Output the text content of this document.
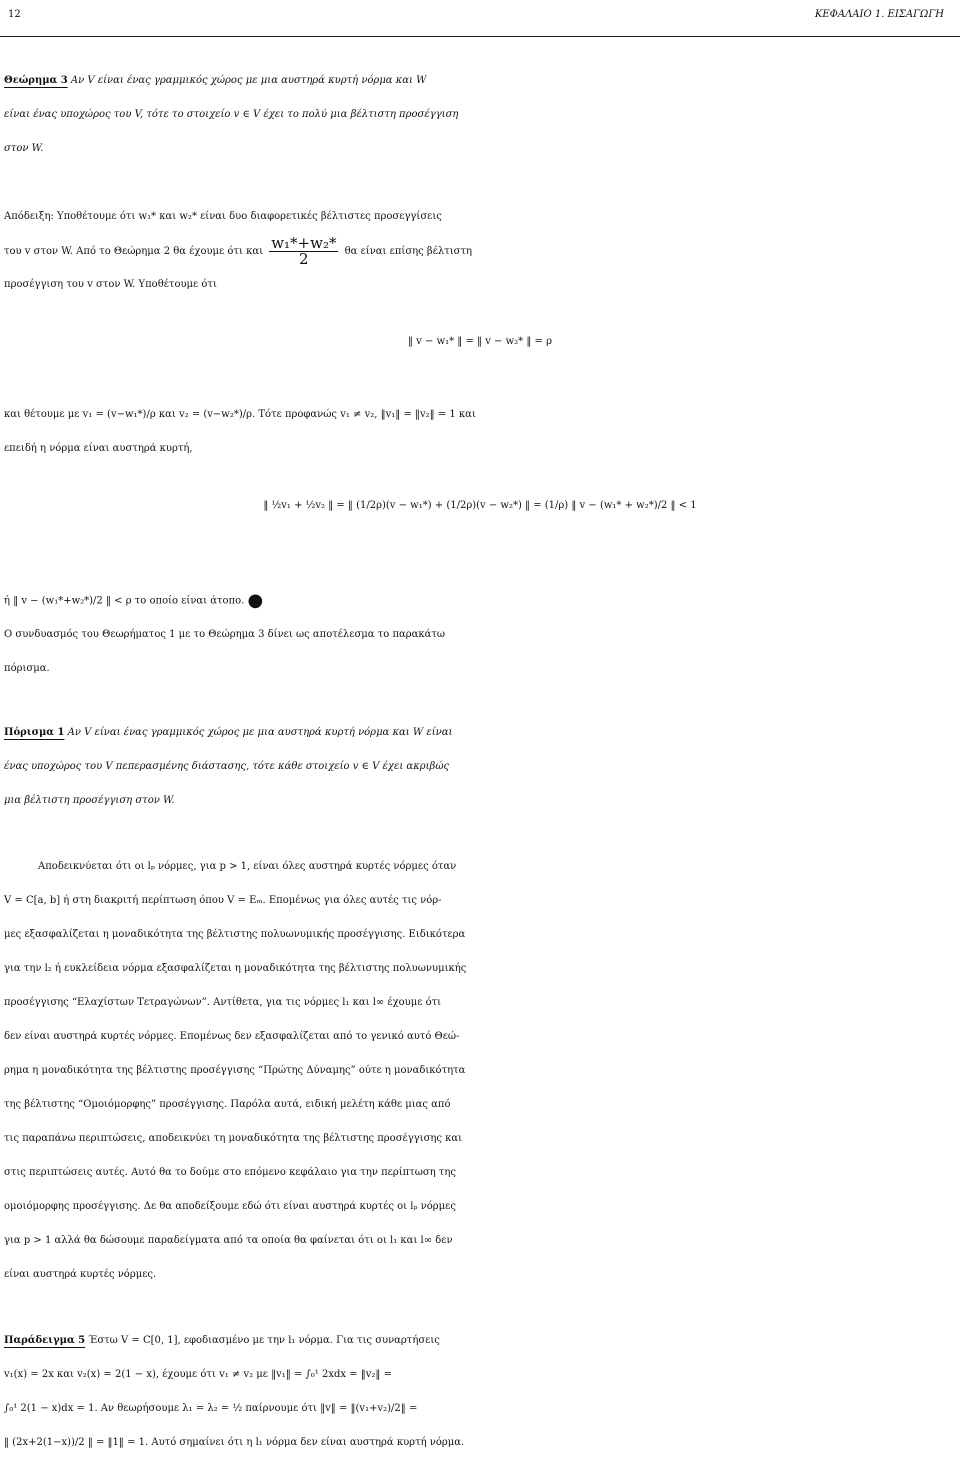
12	ΚΕΦΑΛΑΙΟ 1. ΕΙΣΑΓΩΓΗ
Θεώρημα 3 Αν V είναι ένας γραμμικός χώρος με μια αυστηρά κυρτή νόρμα και W
είναι ένας υποχώρος του V, τότε το στοιχείο v ∈ V έχει το πολύ μια βέλτιστη προσέγγιση
στον W.
Απόδειξη: Υποθέτουμε ότι w₁* και w₂* είναι δυο διαφορετικές βέλτιστες προσεγγίσεις
του v στον W. Από το Θεώρημα 2 θα έχουμε ότι και $\frac{\text{w₁*+w₂*}}{2}$ θα είναι επίσης βέλτιστη
προσέγγιση του v στον W. Υποθέτουμε ότι
‖ v − w₁* ‖ = ‖ v − w₂* ‖ = ρ
και θέτουμε με v₁ = (v−w₁*)/ρ και v₂ = (v−w₂*)/ρ. Τότε προφανώς v₁ ≠ v₂, ‖v₁‖ = ‖v₂‖ = 1 και
επειδή η νόρμα είναι αυστηρά κυρτή,
‖ ½v₁ + ½v₂ ‖ = ‖ (1/2ρ)(v − w₁*) + (1/2ρ)(v − w₂*) ‖ = (1/ρ) ‖ v − (w₁* + w₂*)/2 ‖ < 1
ή ‖ v − (w₁*+w₂*)/2 ‖ < ρ το οποίο είναι άτοπο. ●
Ο συνδυασμός του Θεωρήματος 1 με το Θεώρημα 3 δίνει ως αποτέλεσμα το παρακάτω
πόρισμα.
Πόρισμα 1 Αν V είναι ένας γραμμικός χώρος με μια αυστηρά κυρτή νόρμα και W είναι
ένας υποχώρος του V πεπερασμένης διάστασης, τότε κάθε στοιχείο v ∈ V έχει ακριβώς
μια βέλτιστη προσέγγιση στον W.
Αποδεικνύεται ότι οι lₚ νόρμες, για p > 1, είναι όλες αυστηρά κυρτές νόρμες όταν
V = C[a, b] ή στη διακριτή περίπτωση όπου V = Eₘ. Επομένως για όλες αυτές τις νόρ-
μες εξασφαλίζεται η μοναδικότητα της βέλτιστης πολυωνυμικής προσέγγισης. Ειδικότερα
για την l₂ ή ευκλείδεια νόρμα εξασφαλίζεται η μοναδικότητα της βέλτιστης πολυωνυμικής
προσέγγισης “Ελαχίστων Τετραγώνων”. Αντίθετα, για τις νόρμες l₁ και l∞ έχουμε ότι
δεν είναι αυστηρά κυρτές νόρμες. Επομένως δεν εξασφαλίζεται από το γενικό αυτό Θεώ-
ρημα η μοναδικότητα της βέλτιστης προσέγγισης “Πρώτης Δύναμης” ούτε η μοναδικότητα
της βέλτιστης “Ομοιόμορφης” προσέγγισης. Παρόλα αυτά, ειδική μελέτη κάθε μιας από
τις παραπάνω περιπτώσεις, αποδεικνύει τη μοναδικότητα της βέλτιστης προσέγγισης και
στις περιπτώσεις αυτές. Αυτό θα το δούμε στο επόμενο κεφάλαιο για την περίπτωση της
ομοιόμορφης προσέγγισης. Δε θα αποδείξουμε εδώ ότι είναι αυστηρά κυρτές οι lₚ νόρμες
για p > 1 αλλά θα δώσουμε παραδείγματα από τα οποία θα φαίνεται ότι οι l₁ και l∞ δεν
είναι αυστηρά κυρτές νόρμες.
Παράδειγμα 5 Έστω V = C[0, 1], εφοδιασμένο με την l₁ νόρμα. Για τις συναρτήσεις
v₁(x) = 2x και v₂(x) = 2(1 − x), έχουμε ότι v₁ ≠ v₂ με ‖v₁‖ = ∫₀¹ 2xdx = ‖v₂‖ =
∫₀¹ 2(1 − x)dx = 1. Αν θεωρήσουμε λ₁ = λ₂ = ½ παίρνουμε ότι ‖v‖ = ‖(v₁+v₂)/2‖ =
‖ (2x+2(1−x))/2 ‖ = ‖1‖ = 1. Αυτό σημαίνει ότι η l₁ νόρμα δεν είναι αυστηρά κυρτή νόρμα.
